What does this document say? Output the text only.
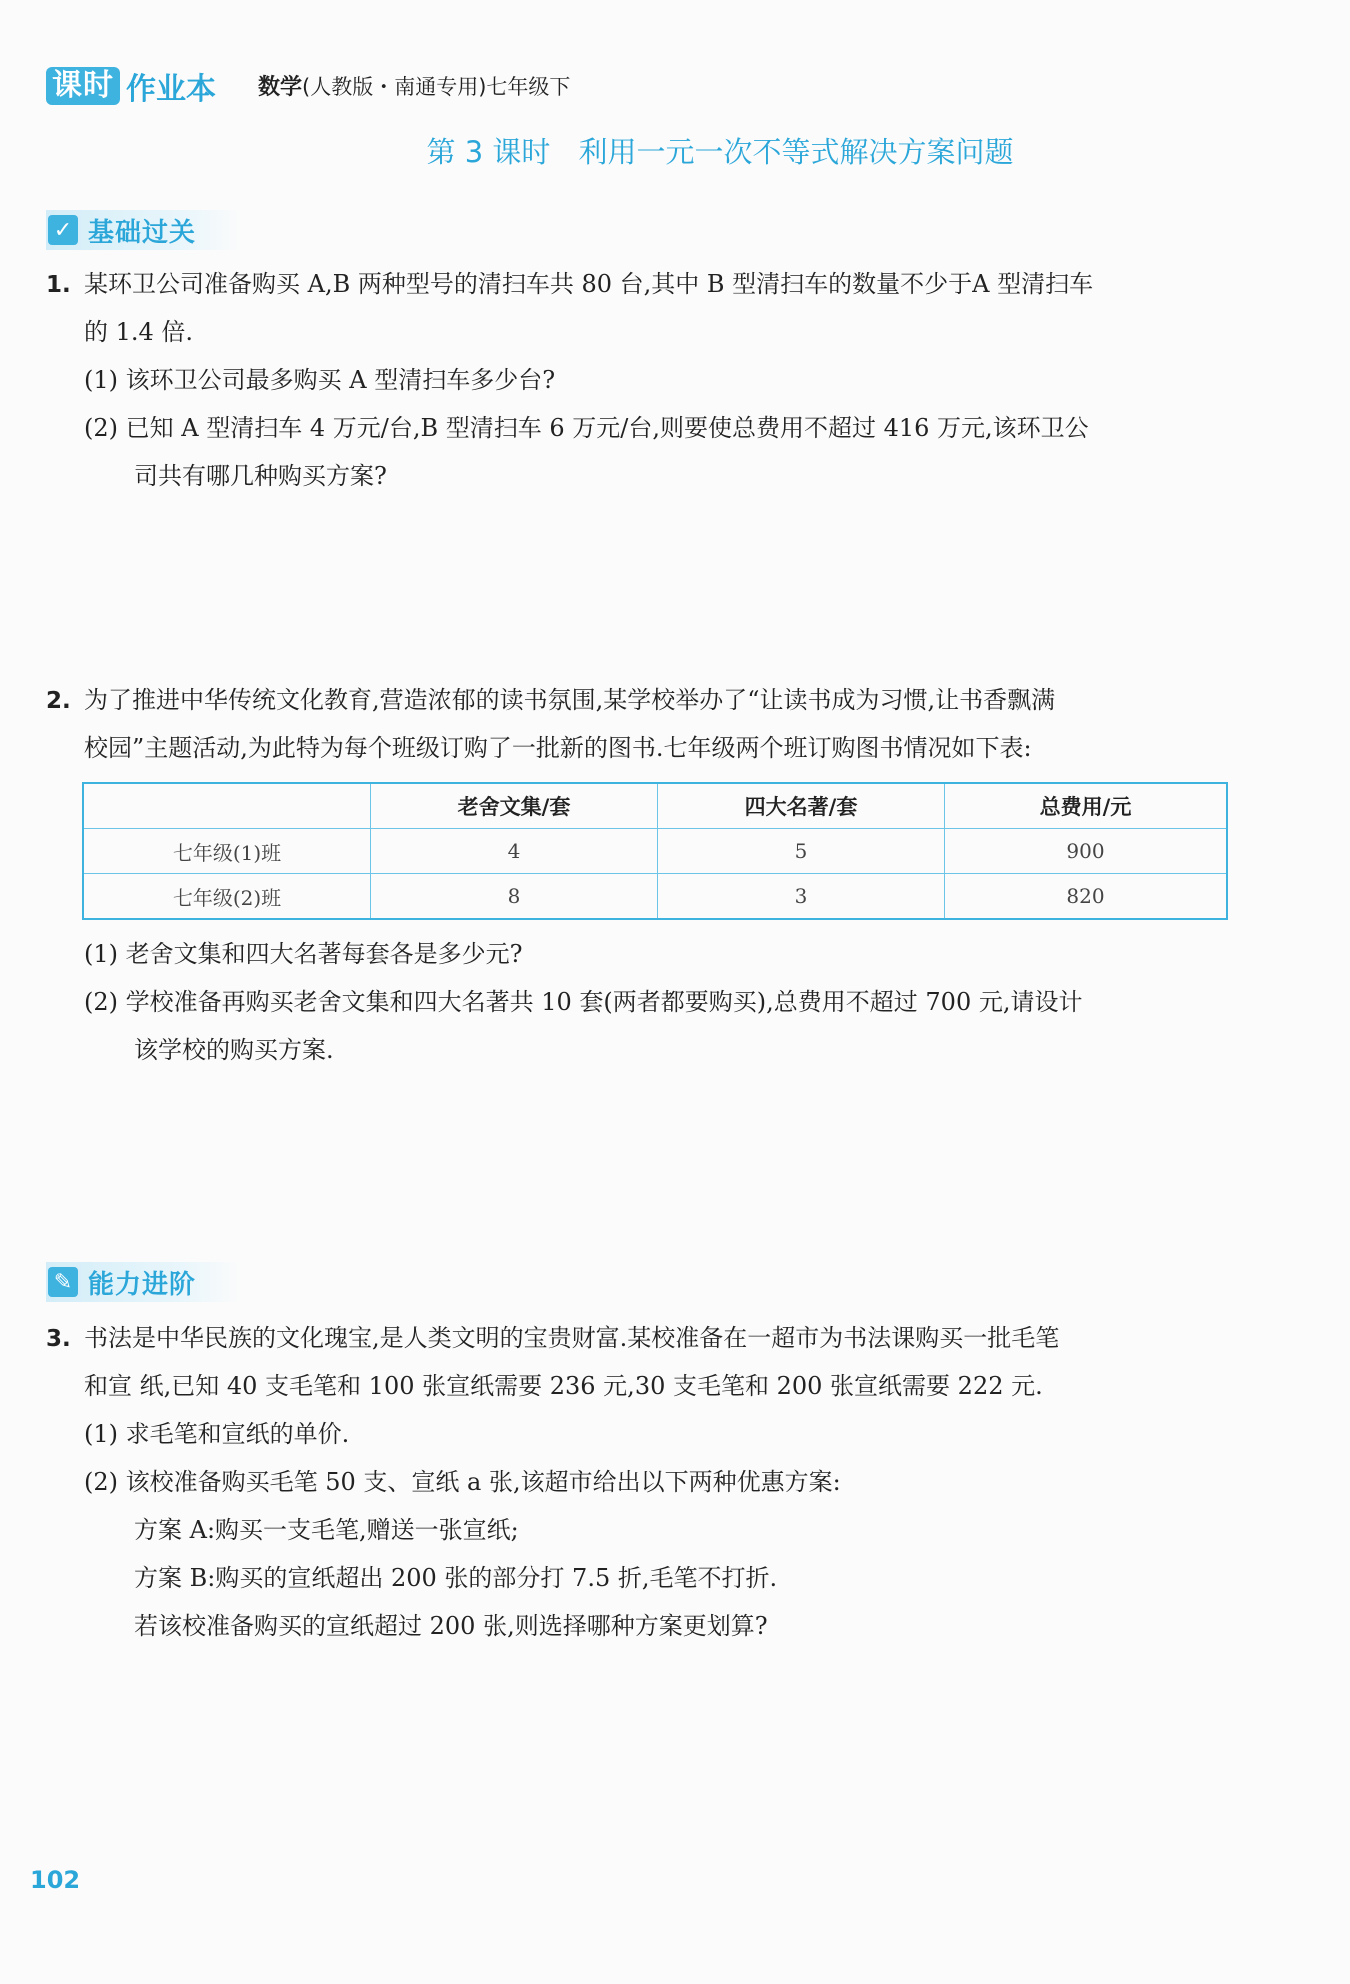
课时 作业本 数学(人教版・南通专用)七年级下
第 3 课时 利用一元一次不等式解决方案问题
✓ 基础过关
1. 某环卫公司准备购买 A,B 两种型号的清扫车共 80 台,其中 B 型清扫车的数量不少于A 型清扫车
的 1.4 倍.
(1) 该环卫公司最多购买 A 型清扫车多少台?
(2) 已知 A 型清扫车 4 万元/台,B 型清扫车 6 万元/台,则要使总费用不超过 416 万元,该环卫公
司共有哪几种购买方案?
2. 为了推进中华传统文化教育,营造浓郁的读书氛围,某学校举办了“让读书成为习惯,让书香飘满
校园”主题活动,为此特为每个班级订购了一批新的图书.七年级两个班订购图书情况如下表:
	老舍文集/套	四大名著/套	总费用/元
七年级(1)班	4	5	900
七年级(2)班	8	3	820
(1) 老舍文集和四大名著每套各是多少元?
(2) 学校准备再购买老舍文集和四大名著共 10 套(两者都要购买),总费用不超过 700 元,请设计
该学校的购买方案.
✎ 能力进阶
3. 书法是中华民族的文化瑰宝,是人类文明的宝贵财富.某校准备在一超市为书法课购买一批毛笔
和宣 纸,已知 40 支毛笔和 100 张宣纸需要 236 元,30 支毛笔和 200 张宣纸需要 222 元.
(1) 求毛笔和宣纸的单价.
(2) 该校准备购买毛笔 50 支、宣纸 a 张,该超市给出以下两种优惠方案:
方案 A:购买一支毛笔,赠送一张宣纸;
方案 B:购买的宣纸超出 200 张的部分打 7.5 折,毛笔不打折.
若该校准备购买的宣纸超过 200 张,则选择哪种方案更划算?
102
